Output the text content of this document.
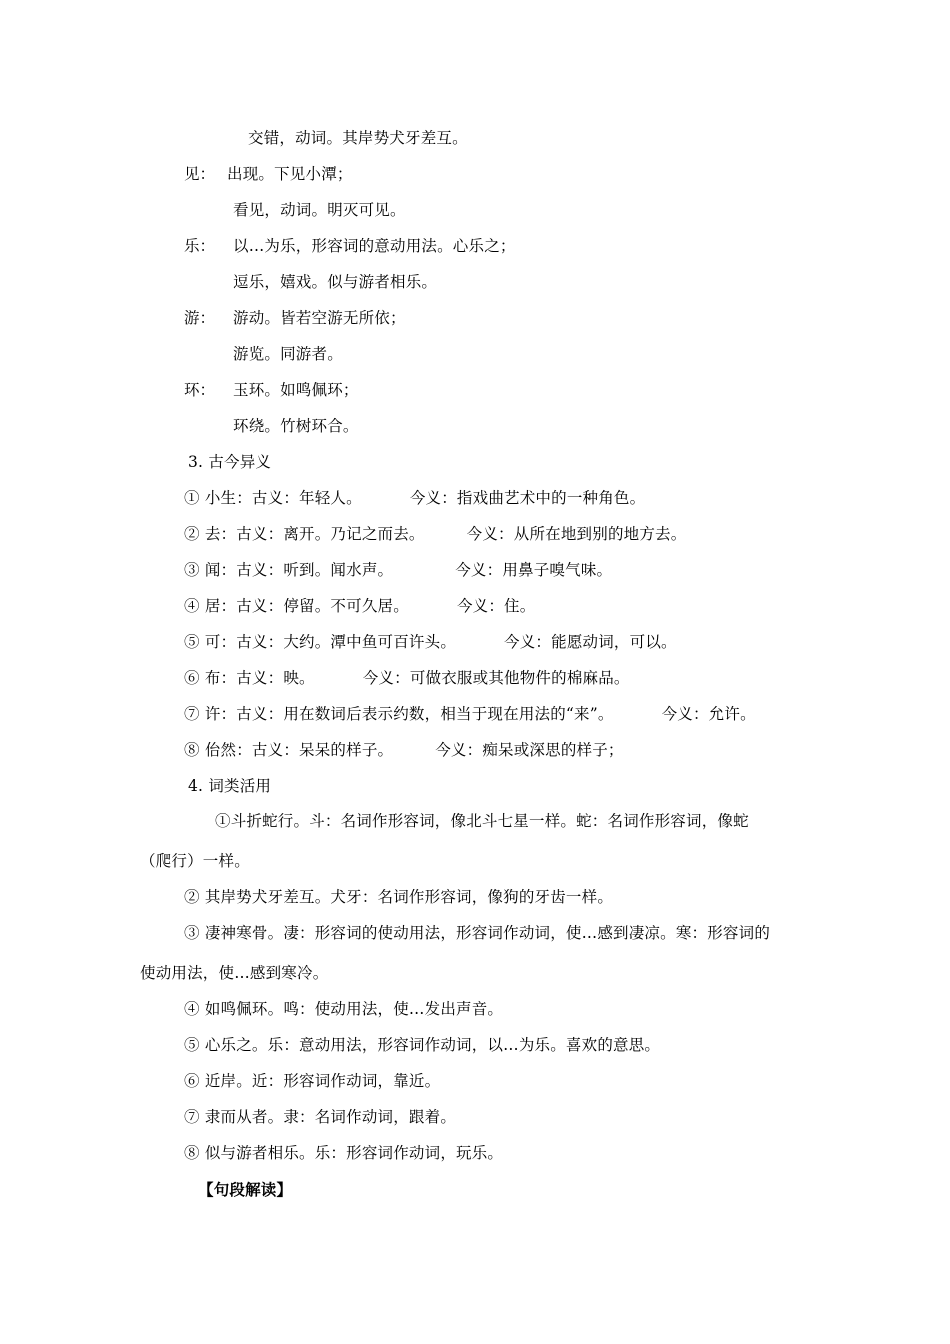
交错，动词。其岸势犬牙差互。
见： 出现。下见小潭；
看见，动词。明灭可见。
乐： 以…为乐，形容词的意动用法。心乐之；
逗乐，嬉戏。似与游者相乐。
游： 游动。皆若空游无所依；
游览。同游者。
环： 玉环。如鸣佩环；
环绕。竹树环合。
3. 古今异义
① 小生：古义：年轻人。	今义：指戏曲艺术中的一种角色。
② 去：古义：离开。乃记之而去。	今义：从所在地到别的地方去。
③ 闻：古义：听到。闻水声。	今义：用鼻子嗅气味。
④ 居：古义：停留。不可久居。	今义：住。
⑤ 可：古义：大约。潭中鱼可百许头。	今义：能愿动词，可以。
⑥ 布：古义：映。	今义：可做衣服或其他物件的棉麻品。
⑦ 许：古义：用在数词后表示约数，相当于现在用法的“来”。	今义：允许。
⑧ 佁然：古义：呆呆的样子。	今义：痴呆或深思的样子；
4. 词类活用
①斗折蛇行。斗：名词作形容词，像北斗七星一样。蛇：名词作形容词，像蛇
（爬行）一样。
② 其岸势犬牙差互。犬牙：名词作形容词，像狗的牙齿一样。
③ 凄神寒骨。凄：形容词的使动用法，形容词作动词，使…感到凄凉。寒：形容词的
使动用法，使…感到寒冷。
④ 如鸣佩环。鸣：使动用法，使…发出声音。
⑤ 心乐之。乐：意动用法，形容词作动词，以…为乐。喜欢的意思。
⑥ 近岸。近：形容词作动词，靠近。
⑦ 隶而从者。隶：名词作动词，跟着。
⑧ 似与游者相乐。乐：形容词作动词，玩乐。
【句段解读】
